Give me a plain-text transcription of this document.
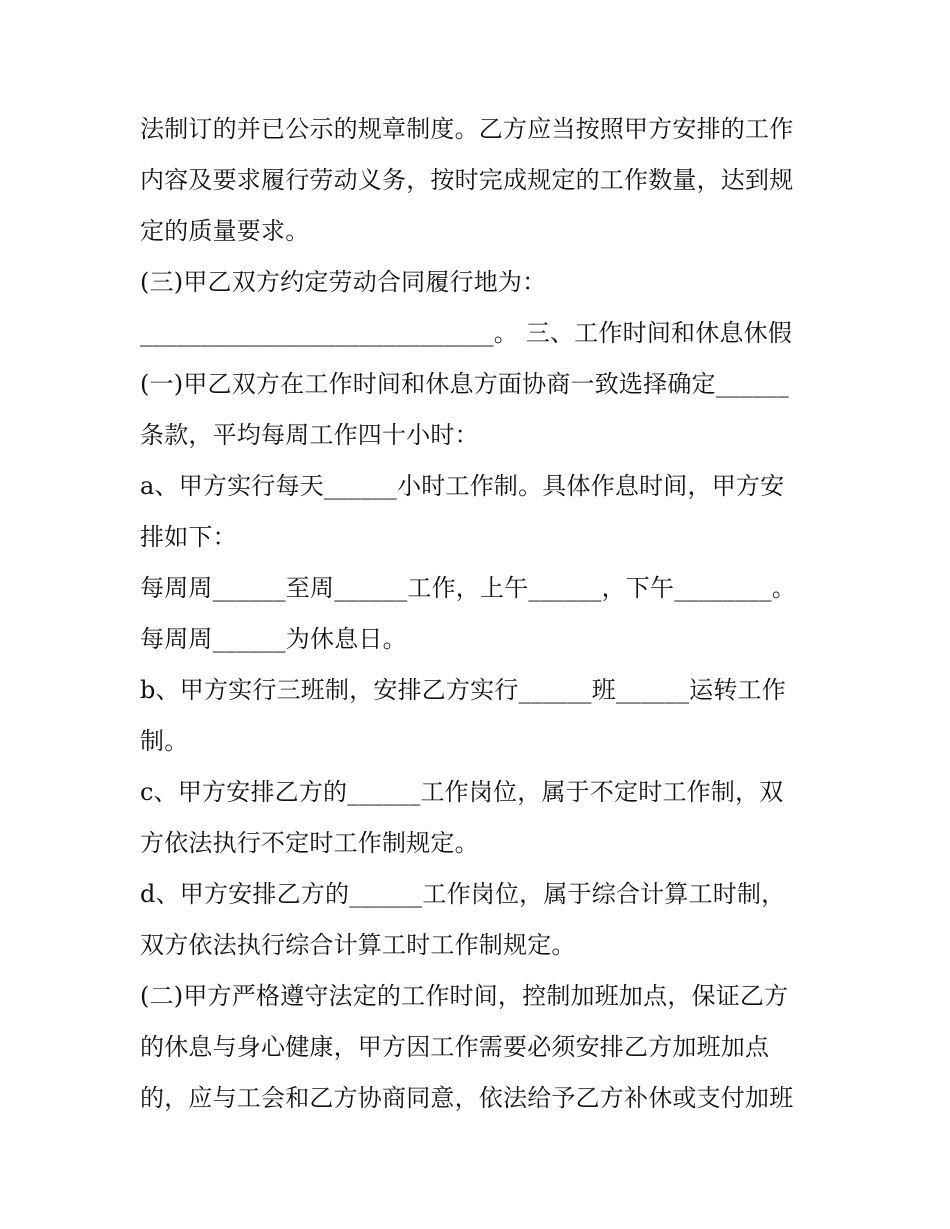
法制订的并已公示的规章制度。乙方应当按照甲方安排的工作
内容及要求履行劳动义务，按时完成规定的工作数量，达到规
定的质量要求。
(三)甲乙双方约定劳动合同履行地为：
_____________________________。 三、工作时间和休息休假
(一)甲乙双方在工作时间和休息方面协商一致选择确定______
条款，平均每周工作四十小时：
a、甲方实行每天______小时工作制。具体作息时间，甲方安
排如下：
每周周______至周______工作，上午______，下午________。
每周周______为休息日。
b、甲方实行三班制，安排乙方实行______班______运转工作
制。
c、甲方安排乙方的______工作岗位，属于不定时工作制，双
方依法执行不定时工作制规定。
d、甲方安排乙方的______工作岗位，属于综合计算工时制，
双方依法执行综合计算工时工作制规定。
(二)甲方严格遵守法定的工作时间，控制加班加点，保证乙方
的休息与身心健康，甲方因工作需要必须安排乙方加班加点
的，应与工会和乙方协商同意，依法给予乙方补休或支付加班
